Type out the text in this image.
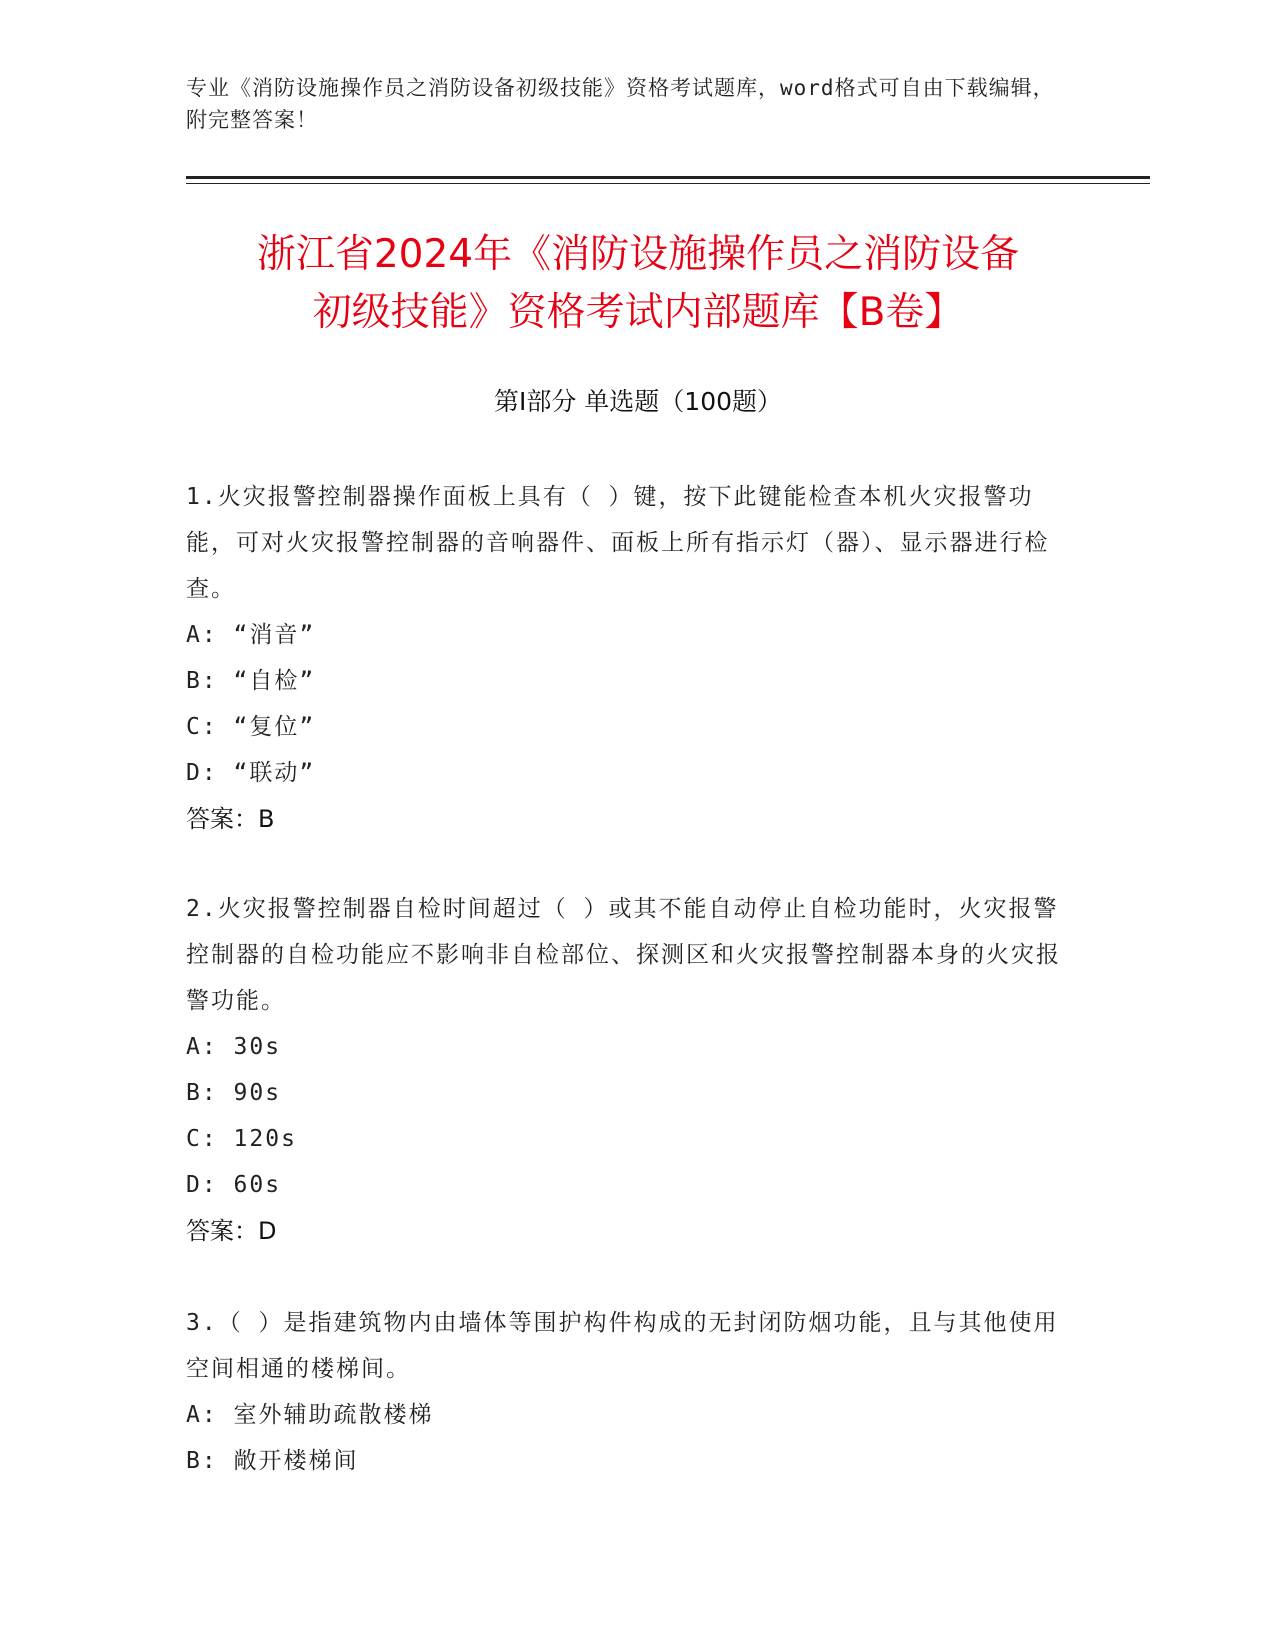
专业《消防设施操作员之消防设备初级技能》资格考试题库，word格式可自由下载编辑，附完整答案！
浙江省2024年《消防设施操作员之消防设备
初级技能》资格考试内部题库【B卷】
第I部分 单选题（100题）
1.火灾报警控制器操作面板上具有（ ）键，按下此键能检查本机火灾报警功能，可对火灾报警控制器的音响器件、面板上所有指示灯（器）、显示器进行检查。
A: “消音”
B: “自检”
C: “复位”
D: “联动”
答案：B
2.火灾报警控制器自检时间超过（ ）或其不能自动停止自检功能时，火灾报警控制器的自检功能应不影响非自检部位、探测区和火灾报警控制器本身的火灾报警功能。
A: 30s
B: 90s
C: 120s
D: 60s
答案：D
3.（ ）是指建筑物内由墙体等围护构件构成的无封闭防烟功能，且与其他使用空间相通的楼梯间。
A: 室外辅助疏散楼梯
B: 敞开楼梯间
